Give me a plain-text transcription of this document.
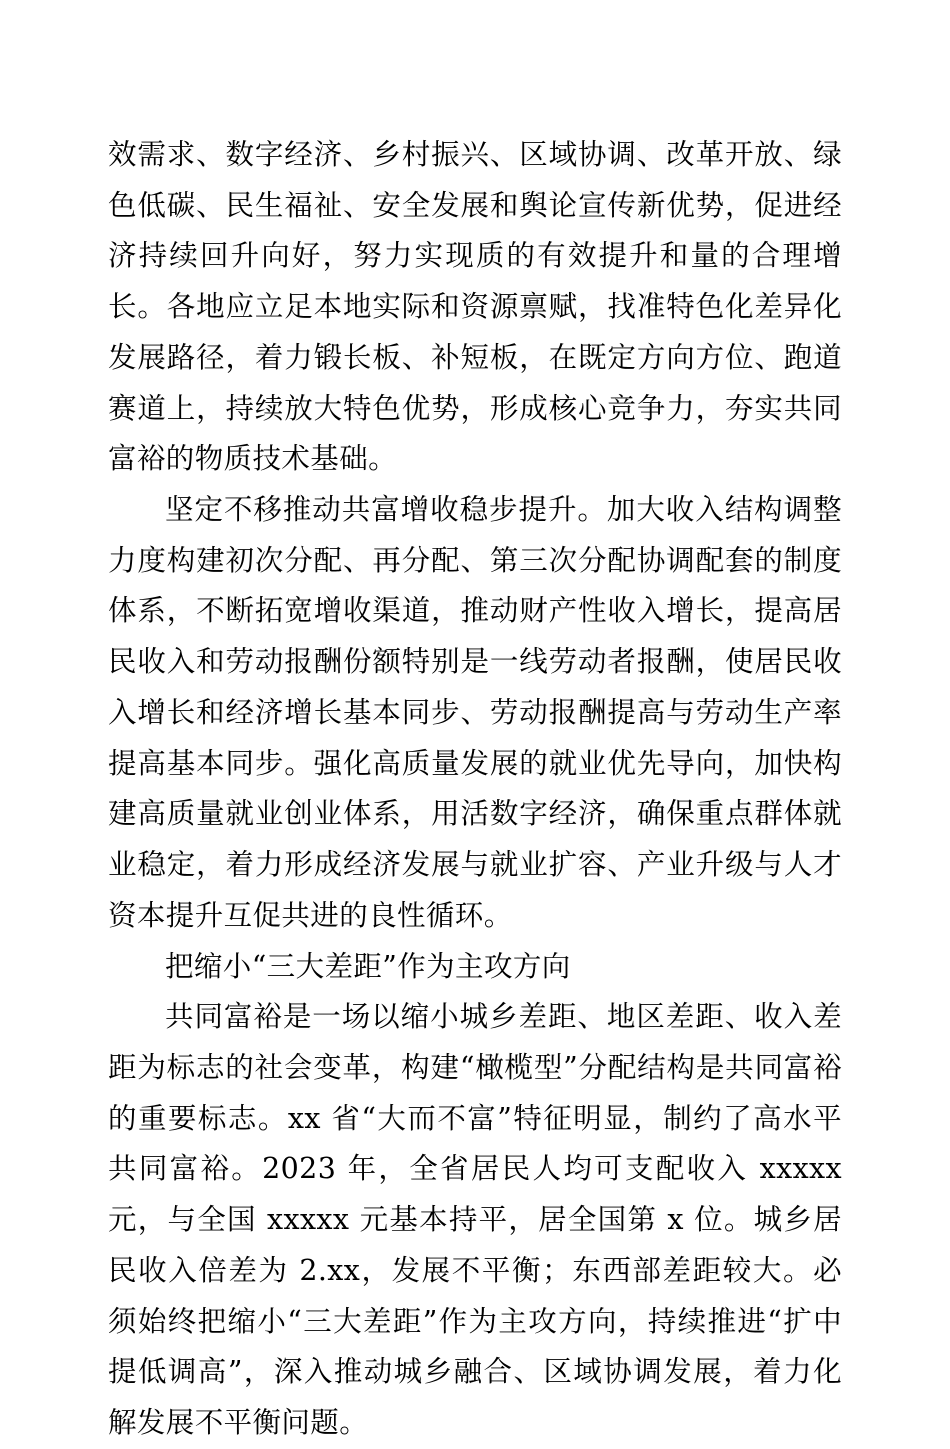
效需求、数字经济、乡村振兴、区域协调、改革开放、绿色低碳、民生福祉、安全发展和舆论宣传新优势，促进经济持续回升向好，努力实现质的有效提升和量的合理增长。各地应立足本地实际和资源禀赋，找准特色化差异化发展路径，着力锻长板、补短板，在既定方向方位、跑道赛道上，持续放大特色优势，形成核心竞争力，夯实共同富裕的物质技术基础。

坚定不移推动共富增收稳步提升。加大收入结构调整力度构建初次分配、再分配、第三次分配协调配套的制度体系，不断拓宽增收渠道，推动财产性收入增长，提高居民收入和劳动报酬份额特别是一线劳动者报酬，使居民收入增长和经济增长基本同步、劳动报酬提高与劳动生产率提高基本同步。强化高质量发展的就业优先导向，加快构建高质量就业创业体系，用活数字经济，确保重点群体就业稳定，着力形成经济发展与就业扩容、产业升级与人才资本提升互促共进的良性循环。

把缩小“三大差距”作为主攻方向

共同富裕是一场以缩小城乡差距、地区差距、收入差距为标志的社会变革，构建“橄榄型”分配结构是共同富裕的重要标志。xx 省“大而不富”特征明显，制约了高水平共同富裕。2023 年，全省居民人均可支配收入 xxxxx 元，与全国 xxxxx 元基本持平，居全国第 x 位。城乡居民收入倍差为 2.xx，发展不平衡；东西部差距较大。必须始终把缩小“三大差距”作为主攻方向，持续推进“扩中提低调高”，深入推动城乡融合、区域协调发展，着力化解发展不平衡问题。
